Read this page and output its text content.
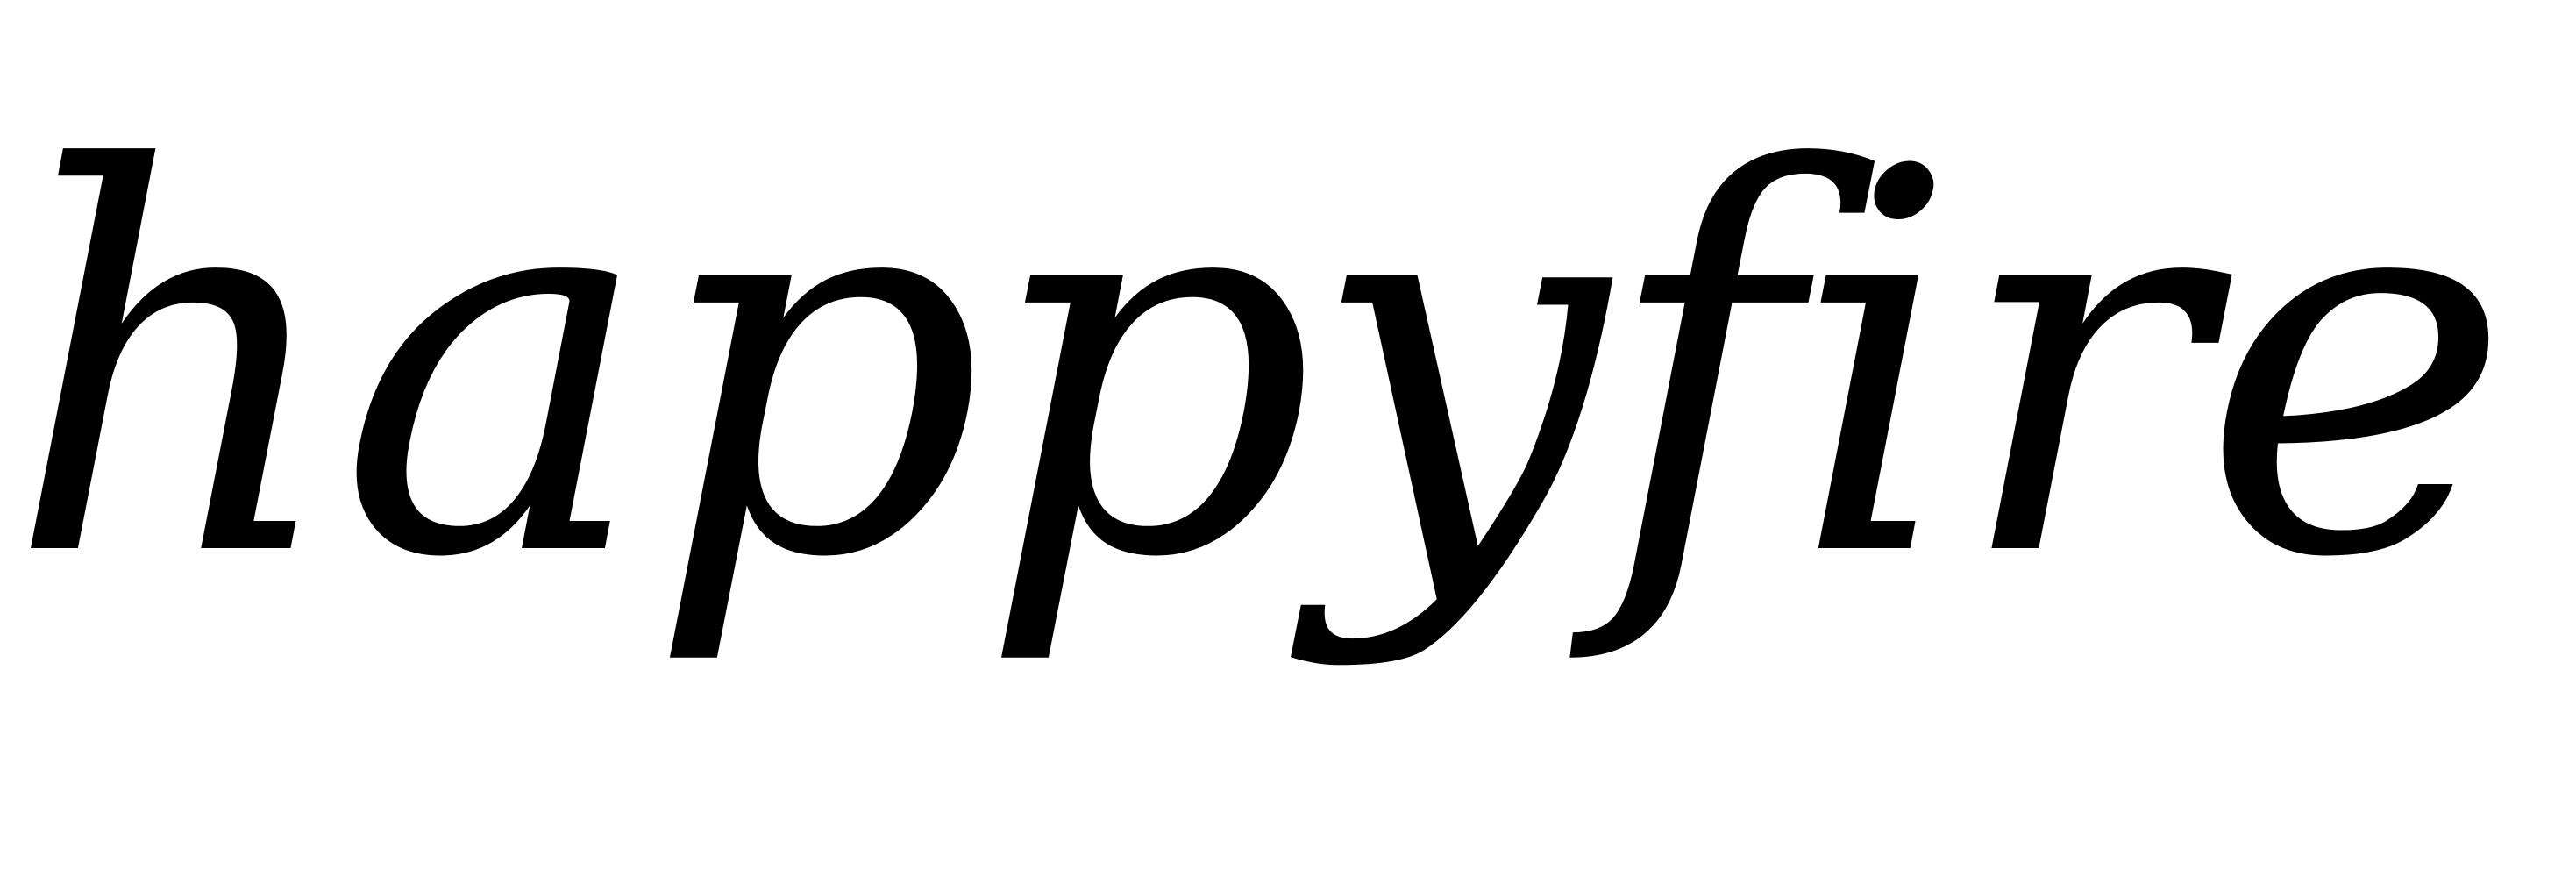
happyfire
